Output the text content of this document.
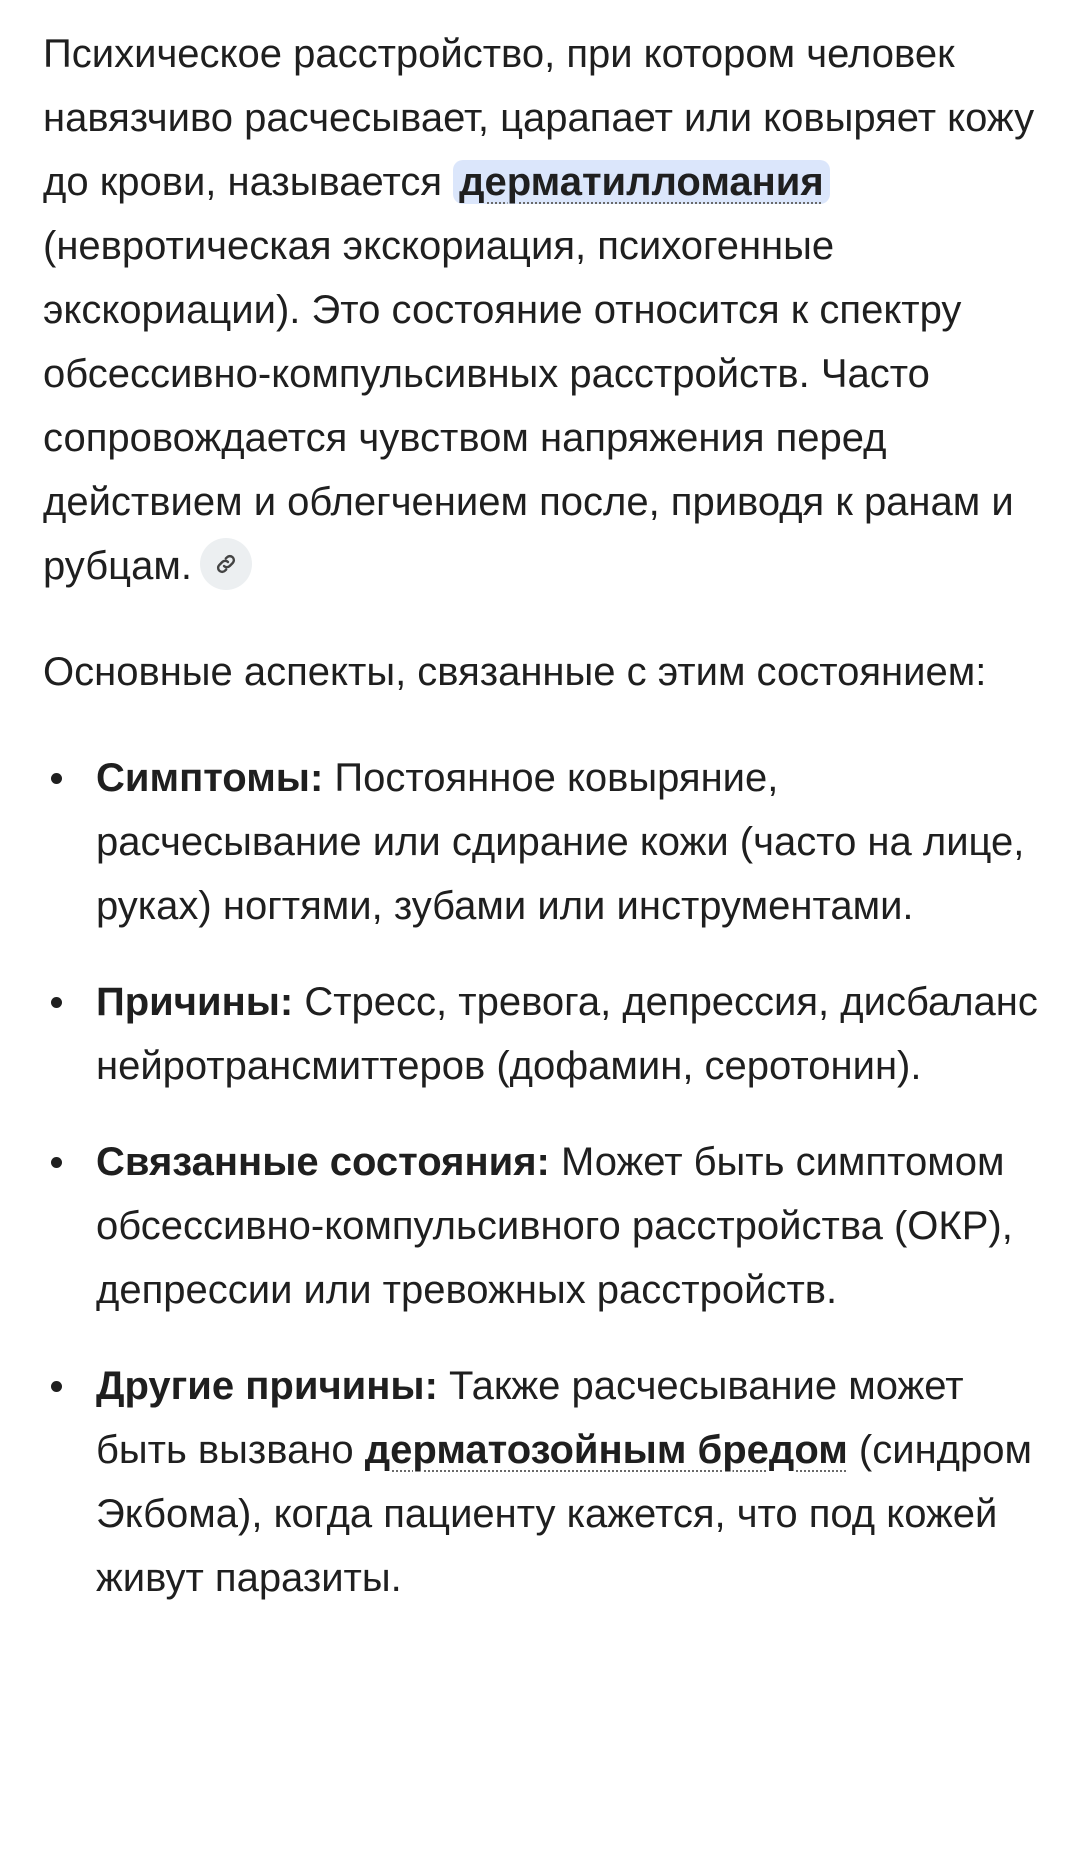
Психическое расстройство, при котором человек навязчиво расчесывает, царапает или ковыряет кожу до крови, называется дерматилломания (невротическая экскориация, психогенные экскориации). Это состояние относится к спектру обсессивно-компульсивных расстройств. Часто сопровождается чувством напряжения перед действием и облегчением после, приводя к ранам и рубцам.

Основные аспекты, связанные с этим состоянием:

Симптомы: Постоянное ковыряние, расчесывание или сдирание кожи (часто на лице, руках) ногтями, зубами или инструментами.
Причины: Стресс, тревога, депрессия, дисбаланс нейротрансмиттеров (дофамин, серотонин).
Связанные состояния: Может быть симптомом обсессивно-компульсивного расстройства (ОКР), депрессии или тревожных расстройств.
Другие причины: Также расчесывание может быть вызвано дерматозойным бредом (синдром Экбома), когда пациенту кажется, что под кожей живут паразиты.
